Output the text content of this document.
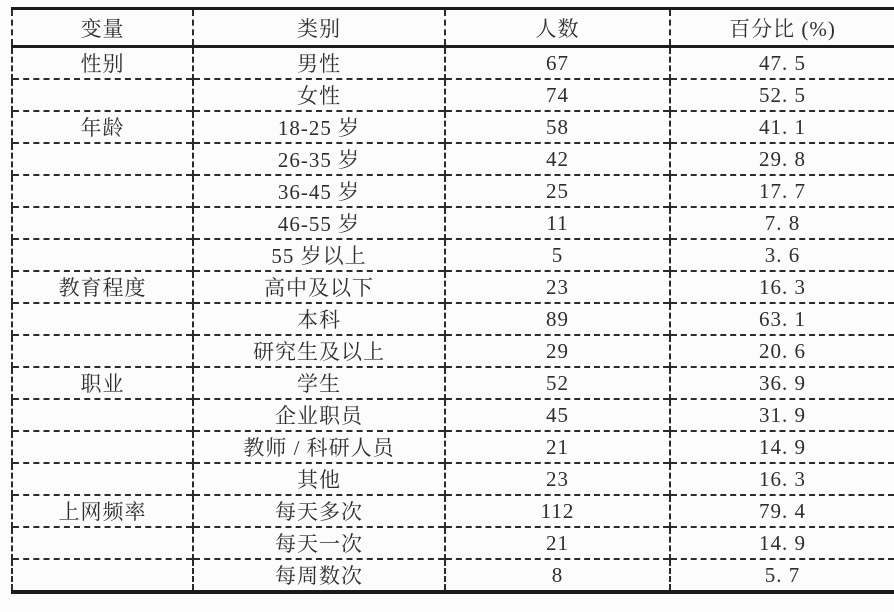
变量	类别	人数	百分比 (%)
性别	男性	67	47. 5
	女性	74	52. 5
年龄	18-25 岁	58	41. 1
	26-35 岁	42	29. 8
	36-45 岁	25	17. 7
	46-55 岁	11	7. 8
	55 岁以上	5	3. 6
教育程度	高中及以下	23	16. 3
	本科	89	63. 1
	研究生及以上	29	20. 6
职业	学生	52	36. 9
	企业职员	45	31. 9
	教师 / 科研人员	21	14. 9
	其他	23	16. 3
上网频率	每天多次	112	79. 4
	每天一次	21	14. 9
	每周数次	8	5. 7
